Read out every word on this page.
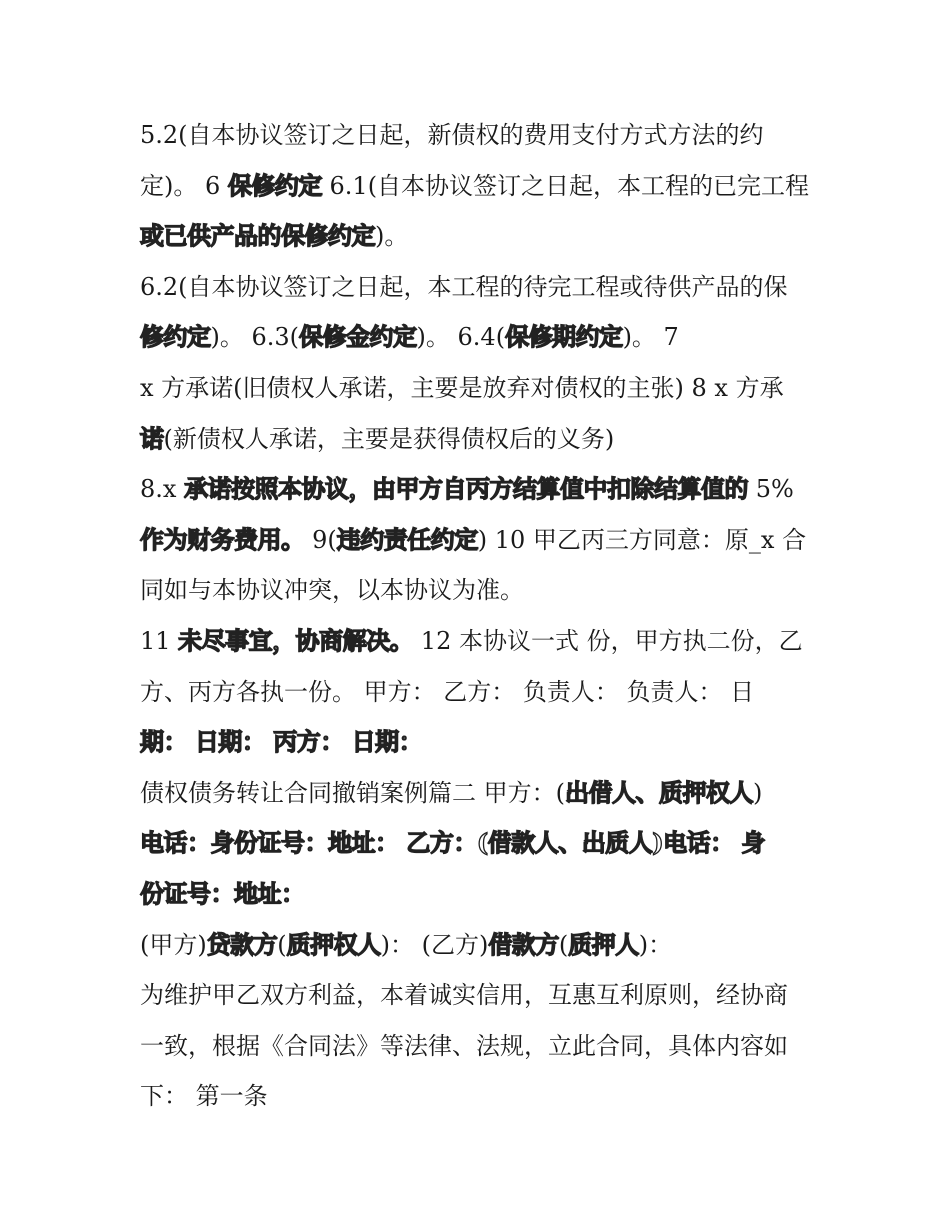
5.2(自本协议签订之日起，新债权的费用支付方式方法的约
定)。 6 保修约定 6.1(自本协议签订之日起，本工程的已完工程
或已供产品的保修约定)。
6.2(自本协议签订之日起，本工程的待完工程或待供产品的保
修约定)。 6.3(保修金约定)。 6.4(保修期约定)。 7
x 方承诺(旧债权人承诺，主要是放弃对债权的主张) 8 x 方承
诺(新债权人承诺，主要是获得债权后的义务)
8.x 承诺按照本协议，由甲方自丙方结算值中扣除结算值的 5%
作为财务费用。 9(违约责任约定) 10 甲乙丙三方同意：原_x 合
同如与本协议冲突，以本协议为准。
11 未尽事宜，协商解决。 12 本协议一式 份，甲方执二份，乙
方、丙方各执一份。 甲方： 乙方： 负责人： 负责人： 日
期： 日期： 丙方： 日期：
债权债务转让合同撤销案例篇二 甲方：(出借人、质押权人)
电话：身份证号：地址： 乙方：(借款人、出质人)电话： 身
份证号：地址：
(甲方)贷款方(质押权人)： (乙方)借款方(质押人)：
为维护甲乙双方利益，本着诚实信用，互惠互利原则，经协商
一致，根据《合同法》等法律、法规，立此合同，具体内容如
下： 第一条
